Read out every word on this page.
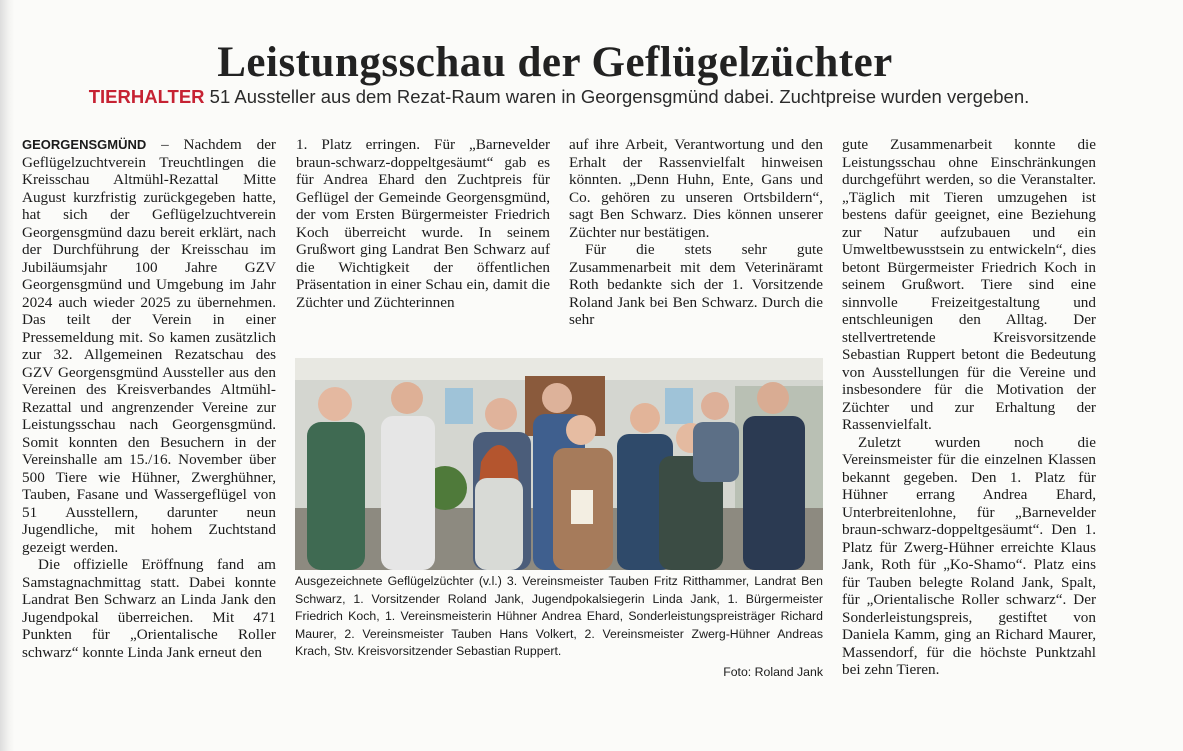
Leistungsschau der Geflügelzüchter
TIERHALTER 51 Aussteller aus dem Rezat-Raum waren in Georgensgmünd dabei. Zuchtpreise wurden vergeben.

GEORGENSGMÜND – Nachdem der Geflügelzuchtverein Treuchtlingen die Kreisschau Altmühl-Rezattal Mitte August kurzfristig zurückgegeben hatte, hat sich der Geflügelzuchtverein Georgensgmünd dazu bereit erklärt, nach der Durchführung der Kreisschau im Jubiläumsjahr 100 Jahre GZV Georgensgmünd und Umgebung im Jahr 2024 auch wieder 2025 zu übernehmen. Das teilt der Verein in einer Pressemeldung mit. So kamen zusätzlich zur 32. Allgemeinen Rezatschau des GZV Georgensgmünd Aussteller aus den Vereinen des Kreisverbandes Altmühl-Rezattal und angrenzender Vereine zur Leistungsschau nach Georgensgmünd. Somit konnten den Besuchern in der Vereinshalle am 15./16. November über 500 Tiere wie Hühner, Zwerghühner, Tauben, Fasane und Wassergeflügel von 51 Ausstellern, darunter neun Jugendliche, mit hohem Zuchtstand gezeigt werden.

Die offizielle Eröffnung fand am Samstagnachmittag statt. Dabei konnte Landrat Ben Schwarz an Linda Jank den Jugendpokal überreichen. Mit 471 Punkten für „Orientalische Roller schwarz“ konnte Linda Jank erneut den

1. Platz erringen. Für „Barnevelder braun-schwarz-doppeltgesäumt“ gab es für Andrea Ehard den Zuchtpreis für Geflügel der Gemeinde Georgensgmünd, der vom Ersten Bürgermeister Friedrich Koch überreicht wurde. In seinem Grußwort ging Landrat Ben Schwarz auf die Wichtigkeit der öffentlichen Präsentation in einer Schau ein, damit die Züchter und Züchterinnen

auf ihre Arbeit, Verantwortung und den Erhalt der Rassenvielfalt hinweisen könnten. „Denn Huhn, Ente, Gans und Co. gehören zu unseren Ortsbildern“, sagt Ben Schwarz. Dies können unserer Züchter nur bestätigen.

Für die stets sehr gute Zusammenarbeit mit dem Veterinäramt Roth bedankte sich der 1. Vorsitzende Roland Jank bei Ben Schwarz. Durch die sehr

gute Zusammenarbeit konnte die Leistungsschau ohne Einschränkungen durchgeführt werden, so die Veranstalter. „Täglich mit Tieren umzugehen ist bestens dafür geeignet, eine Beziehung zur Natur aufzubauen und ein Umweltbewusstsein zu entwickeln“, dies betont Bürgermeister Friedrich Koch in seinem Grußwort. Tiere sind eine sinnvolle Freizeitgestaltung und entschleunigen den Alltag. Der stellvertretende Kreisvorsitzende Sebastian Ruppert betont die Bedeutung von Ausstellungen für die Vereine und insbesondere für die Motivation der Züchter und zur Erhaltung der Rassenvielfalt.

Zuletzt wurden noch die Vereinsmeister für die einzelnen Klassen bekannt gegeben. Den 1. Platz für Hühner errang Andrea Ehard, Unterbreitenlohne, für „Barnevelder braun-schwarz-doppeltgesäumt“. Den 1. Platz für Zwerg-Hühner erreichte Klaus Jank, Roth für „Ko-Shamo“. Platz eins für Tauben belegte Roland Jank, Spalt, für „Orientalische Roller schwarz“. Der Sonderleistungspreis, gestiftet von Daniela Kamm, ging an Richard Maurer, Massendorf, für die höchste Punktzahl bei zehn Tieren.

Ausgezeichnete Geflügelzüchter (v.l.) 3. Vereinsmeister Tauben Fritz Ritthammer, Landrat Ben Schwarz, 1. Vorsitzender Roland Jank, Jugendpokalsiegerin Linda Jank, 1. Bürgermeister Friedrich Koch, 1. Vereinsmeisterin Hühner Andrea Ehard, Sonderleistungspreisträger Richard Maurer, 2. Vereinsmeister Tauben Hans Volkert, 2. Vereinsmeister Zwerg-Hühner Andreas Krach, Stv. Kreisvorsitzender Sebastian Ruppert.
Foto: Roland Jank
